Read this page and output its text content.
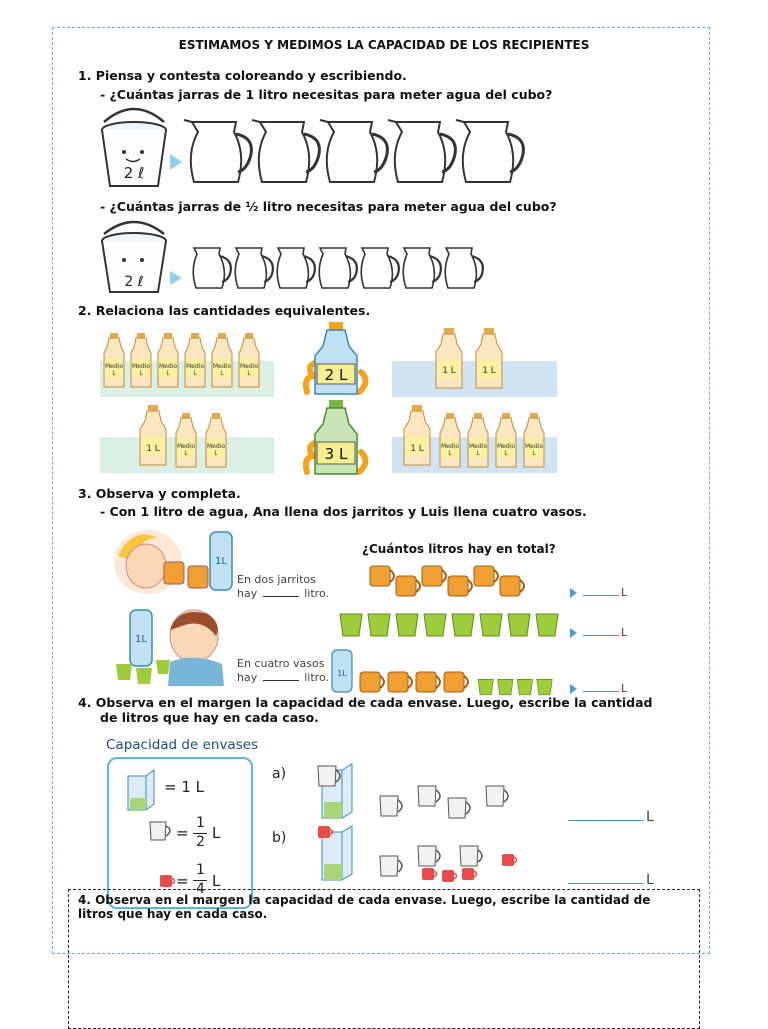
ESTIMAMOS Y MEDIMOS LA CAPACIDAD DE LOS RECIPIENTES
1. Piensa y contesta coloreando y escribiendo.
- ¿Cuántas jarras de 1 litro necesitas para meter agua del cubo?
2 ℓ
- ¿Cuántas jarras de ½ litro necesitas para meter agua del cubo?
2 ℓ
2. Relaciona las cantidades equivalentes.
Medio
L
Medio
L
Medio
L
Medio
L
Medio
L
Medio
L	2 L	1 L	1 L
1 L	Medio
L
Medio
L	3 L	1 L	Medio
L
Medio
L
Medio
L
Medio
L
3. Observa y completa.
- Con 1 litro de agua, Ana llena dos jarritos y Luis llena cuatro vasos.
1L
En dos jarritos
hay	litro.
¿Cuántos litros hay en total?
L
L
1L
En cuatro vasos
hay	litro. 1L
L
4. Observa en el margen la capacidad de cada envase. Luego, escribe la cantidad
de litros que hay en cada caso.
Capacidad de envases
= 1 L
=
1
2 L
=
1
4 L
a)
b)
L
L
4. Observa en el margen la capacidad de cada envase. Luego, escribe la cantidad de
litros que hay en cada caso.
